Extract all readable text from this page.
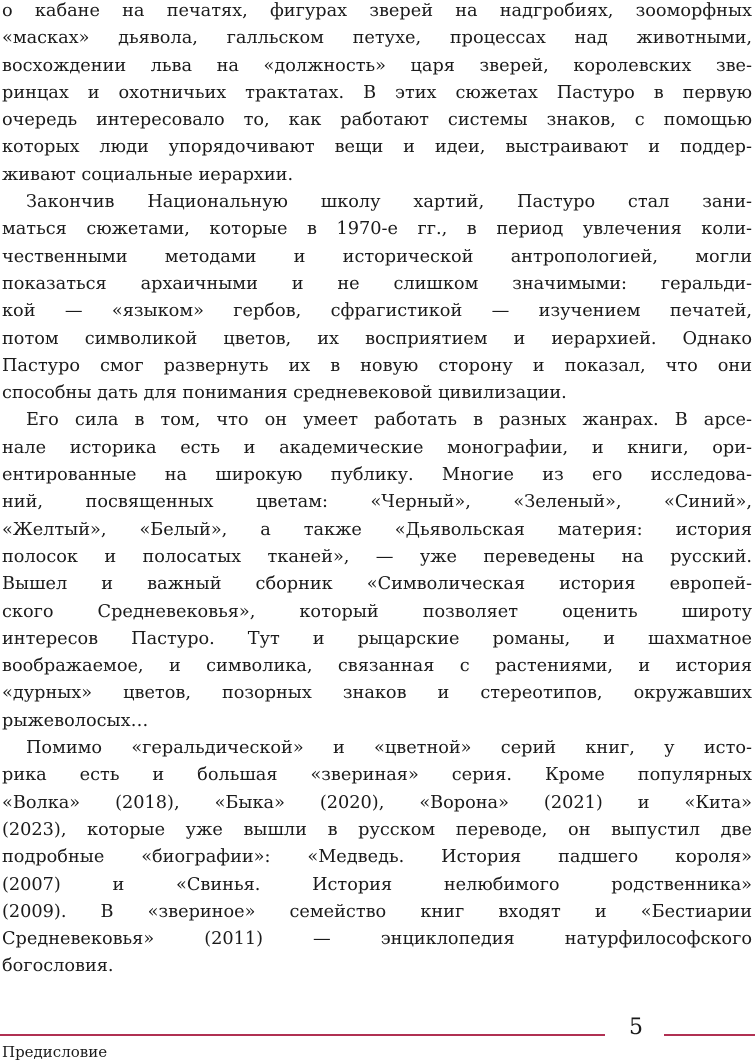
о кабане на печатях, фигурах зверей на надгробиях, зооморфных
«масках» дьявола, галльском петухе, процессах над животными,
восхождении льва на «должность» царя зверей, королевских зве-
ринцах и охотничьих трактатах. В этих сюжетах Пастуро в первую
очередь интересовало то, как работают системы знаков, с помощью
которых люди упорядочивают вещи и идеи, выстраивают и поддер-
живают социальные иерархии.

Закончив Национальную школу хартий, Пастуро стал зани-
маться сюжетами, которые в 1970-е гг., в период увлечения коли-
чественными методами и исторической антропологией, могли
показаться архаичными и не слишком значимыми: геральди-
кой — «языком» гербов, сфрагистикой — изучением печатей,
потом символикой цветов, их восприятием и иерархией. Однако
Пастуро смог развернуть их в новую сторону и показал, что они
способны дать для понимания средневековой цивилизации.

Его сила в том, что он умеет работать в разных жанрах. В арсе-
нале историка есть и академические монографии, и книги, ори-
ентированные на широкую публику. Многие из его исследова-
ний, посвященных цветам: «Черный», «Зеленый», «Синий»,
«Желтый», «Белый», а также «Дьявольская материя: история
полосок и полосатых тканей», — уже переведены на русский.
Вышел и важный сборник «Символическая история европей-
ского Средневековья», который позволяет оценить широту
интересов Пастуро. Тут и рыцарские романы, и шахматное
воображаемое, и символика, связанная с растениями, и история
«дурных» цветов, позорных знаков и стереотипов, окружавших
рыжеволосых…

Помимо «геральдической» и «цветной» серий книг, у исто-
рика есть и большая «звериная» серия. Кроме популярных
«Волка» (2018), «Быка» (2020), «Ворона» (2021) и «Кита»
(2023), которые уже вышли в русском переводе, он выпустил две
подробные «биографии»: «Медведь. История падшего короля»
(2007) и «Свинья. История нелюбимого родственника»
(2009). В «звериное» семейство книг входят и «Бестиарии
Средневековья» (2011) — энциклопедия натурфилософского
богословия.

5
Предисловие
